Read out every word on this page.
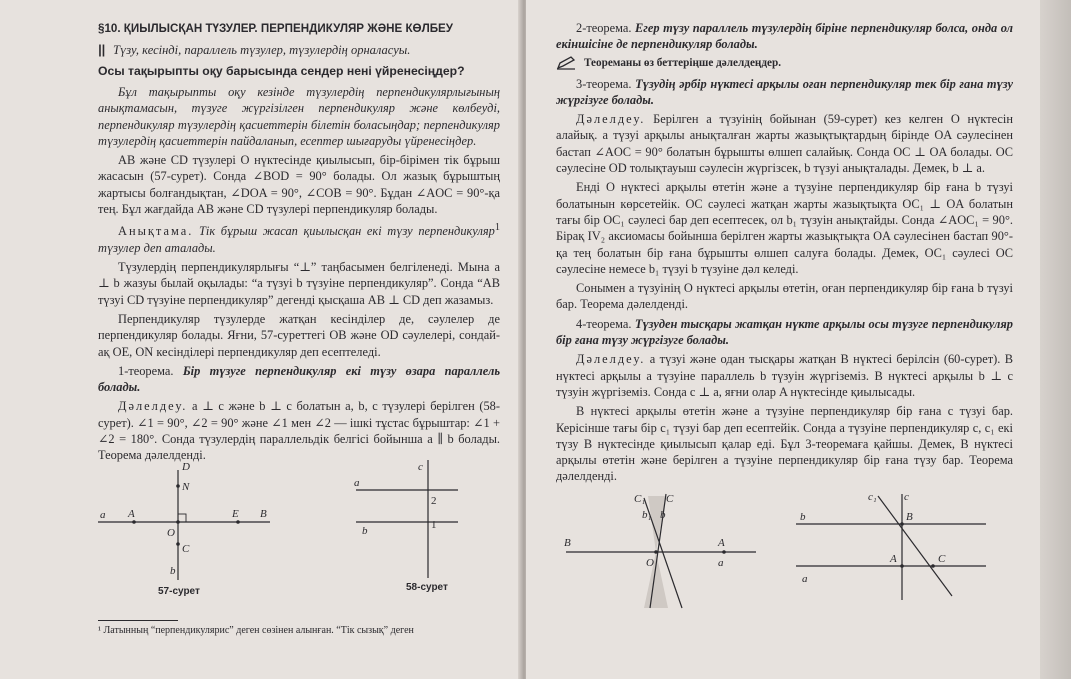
§10. ҚИЫЛЫСҚАН ТҮЗУЛЕР. ПЕРПЕНДИКУЛЯР ЖӘНЕ КӨЛБЕУ
|| Түзу, кесінді, параллель түзулер, түзулердің орналасуы.
Осы тақырыпты оқу барысында сендер нені үйренесіңдер?

Бұл тақырыпты оқу кезінде түзулердің перпендикулярлығының анықтамасын, түзуге жүргізілген перпендикуляр және көлбеуді, перпендикуляр түзулердің қасиеттерін білетін боласыңдар; перпендикуляр түзулердің қасиеттерін пайдаланып, есептер шығаруды үйренесіңдер.

AB және CD түзулері O нүктесінде қиылысып, бір-бірімен тік бұрыш жасасын (57-сурет). Сонда ∠BOD = 90° болады. Ол жазық бұрыштың жартысы болғандықтан, ∠DOA = 90°, ∠COB = 90°. Бұдан ∠AOC = 90°-қа тең. Бұл жағдайда AB және CD түзулері перпендикуляр болады.

Анықтама. Тік бұрыш жасап қиылысқан екі түзу перпендикуляр$^1$ түзулер деп аталады.

Түзулердің перпендикулярлығы “⊥” таңбасымен белгіленеді. Мына a ⊥ b жазуы былай оқылады: “a түзуі b түзуіне перпендикуляр”. Сонда “AB түзуі CD түзуіне перпендикуляр” дегенді қысқаша AB ⊥ CD деп жазамыз.

Перпендикуляр түзулерде жатқан кесінділер де, сәулелер де перпендикуляр болады. Яғни, 57-суреттегі OB және OD сәулелері, сондай-ақ OE, ON кесінділері перпендикуляр деп есептеледі.

1-теорема. Бір түзуге перпендикуляр екі түзу өзара параллель болады.

Дәлелдеу. a ⊥ c және b ⊥ c болатын a, b, c түзулері берілген (58-сурет). ∠1 = 90°, ∠2 = 90° және ∠1 мен ∠2 — ішкі тұстас бұрыштар: ∠1 + ∠2 = 180°. Сонда түзулердің параллельдік белгісі бойынша a ∥ b болады. Теорема дәлелденді.

D
N
a A	E B
O
C
b
c
a
b
2
1
57-сурет	58-сурет
¹ Латынның “перпендикулярис” деген сөзінен алынған. “Тік сызық” деген

2-теорема. Егер түзу параллель түзулердің біріне перпендикуляр болса, онда ол екіншісіне де перпендикуляр болады.

Теореманы өз беттеріңше дәлелдеңдер.

3-теорема. Түзудің әрбір нүктесі арқылы оған перпендикуляр тек бір ғана түзу жүргізуге болады.

Дәлелдеу. Берілген a түзуінің бойынан (59-сурет) кез келген O нүктесін алайық. a түзуі арқылы анықталған жарты жазықтықтардың бірінде OA сәулесінен бастап ∠AOC = 90° болатын бұрышты өлшеп салайық. Сонда OC ⊥ OA болады. OC сәулесіне OD толықтауыш сәулесін жүргізсек, b түзуі анықталады. Демек, b ⊥ a.

Енді O нүктесі арқылы өтетін және a түзуіне перпендикуляр бір ғана b түзуі болатынын көрсетейік. OC сәулесі жатқан жарты жазықтықта OC₁ ⊥ OA болатын тағы бір OC₁ сәулесі бар деп есептесек, ол b₁ түзуін анықтайды. Сонда ∠AOC₁ = 90°. Бірақ IV₂ аксиомасы бойынша берілген жарты жазықтықта OA сәулесінен бастап 90°-қа тең болатын бір ғана бұрышты өлшеп салуға болады. Демек, OC₁ сәулесі OC сәулесіне немесе b₁ түзуі b түзуіне дәл келеді.

Сонымен a түзуінің O нүктесі арқылы өтетін, оған перпендикуляр бір ғана b түзуі бар. Теорема дәлелденді.

4-теорема. Түзуден тысқары жатқан нүкте арқылы осы түзуге перпендикуляр бір ғана түзу жүргізуге болады.

Дәлелдеу. a түзуі және одан тысқары жатқан B нүктесі берілсін (60-сурет). B нүктесі арқылы a түзуіне параллель b түзуін жүргіземіз. B нүктесі арқылы b ⊥ c түзуін жүргіземіз. Сонда c ⊥ a, яғни олар A нүктесінде қиылысады.

B нүктесі арқылы өтетін және a түзуіне перпендикуляр бір ғана c түзуі бар. Керісінше тағы бір c₁ түзуі бар деп есептейік. Сонда a түзуіне перпендикуляр c, c₁ екі түзу B нүктесінде қиылысып қалар еді. Бұл 3-теоремаға қайшы. Демек, B нүктесі арқылы өтетін және берілген a түзуіне перпендикуляр бір ғана түзу бар. Теорема дәлелденді.

C₁ C
b₁ b
B	A
O	a
c₁ c
b	B
a
A	C
